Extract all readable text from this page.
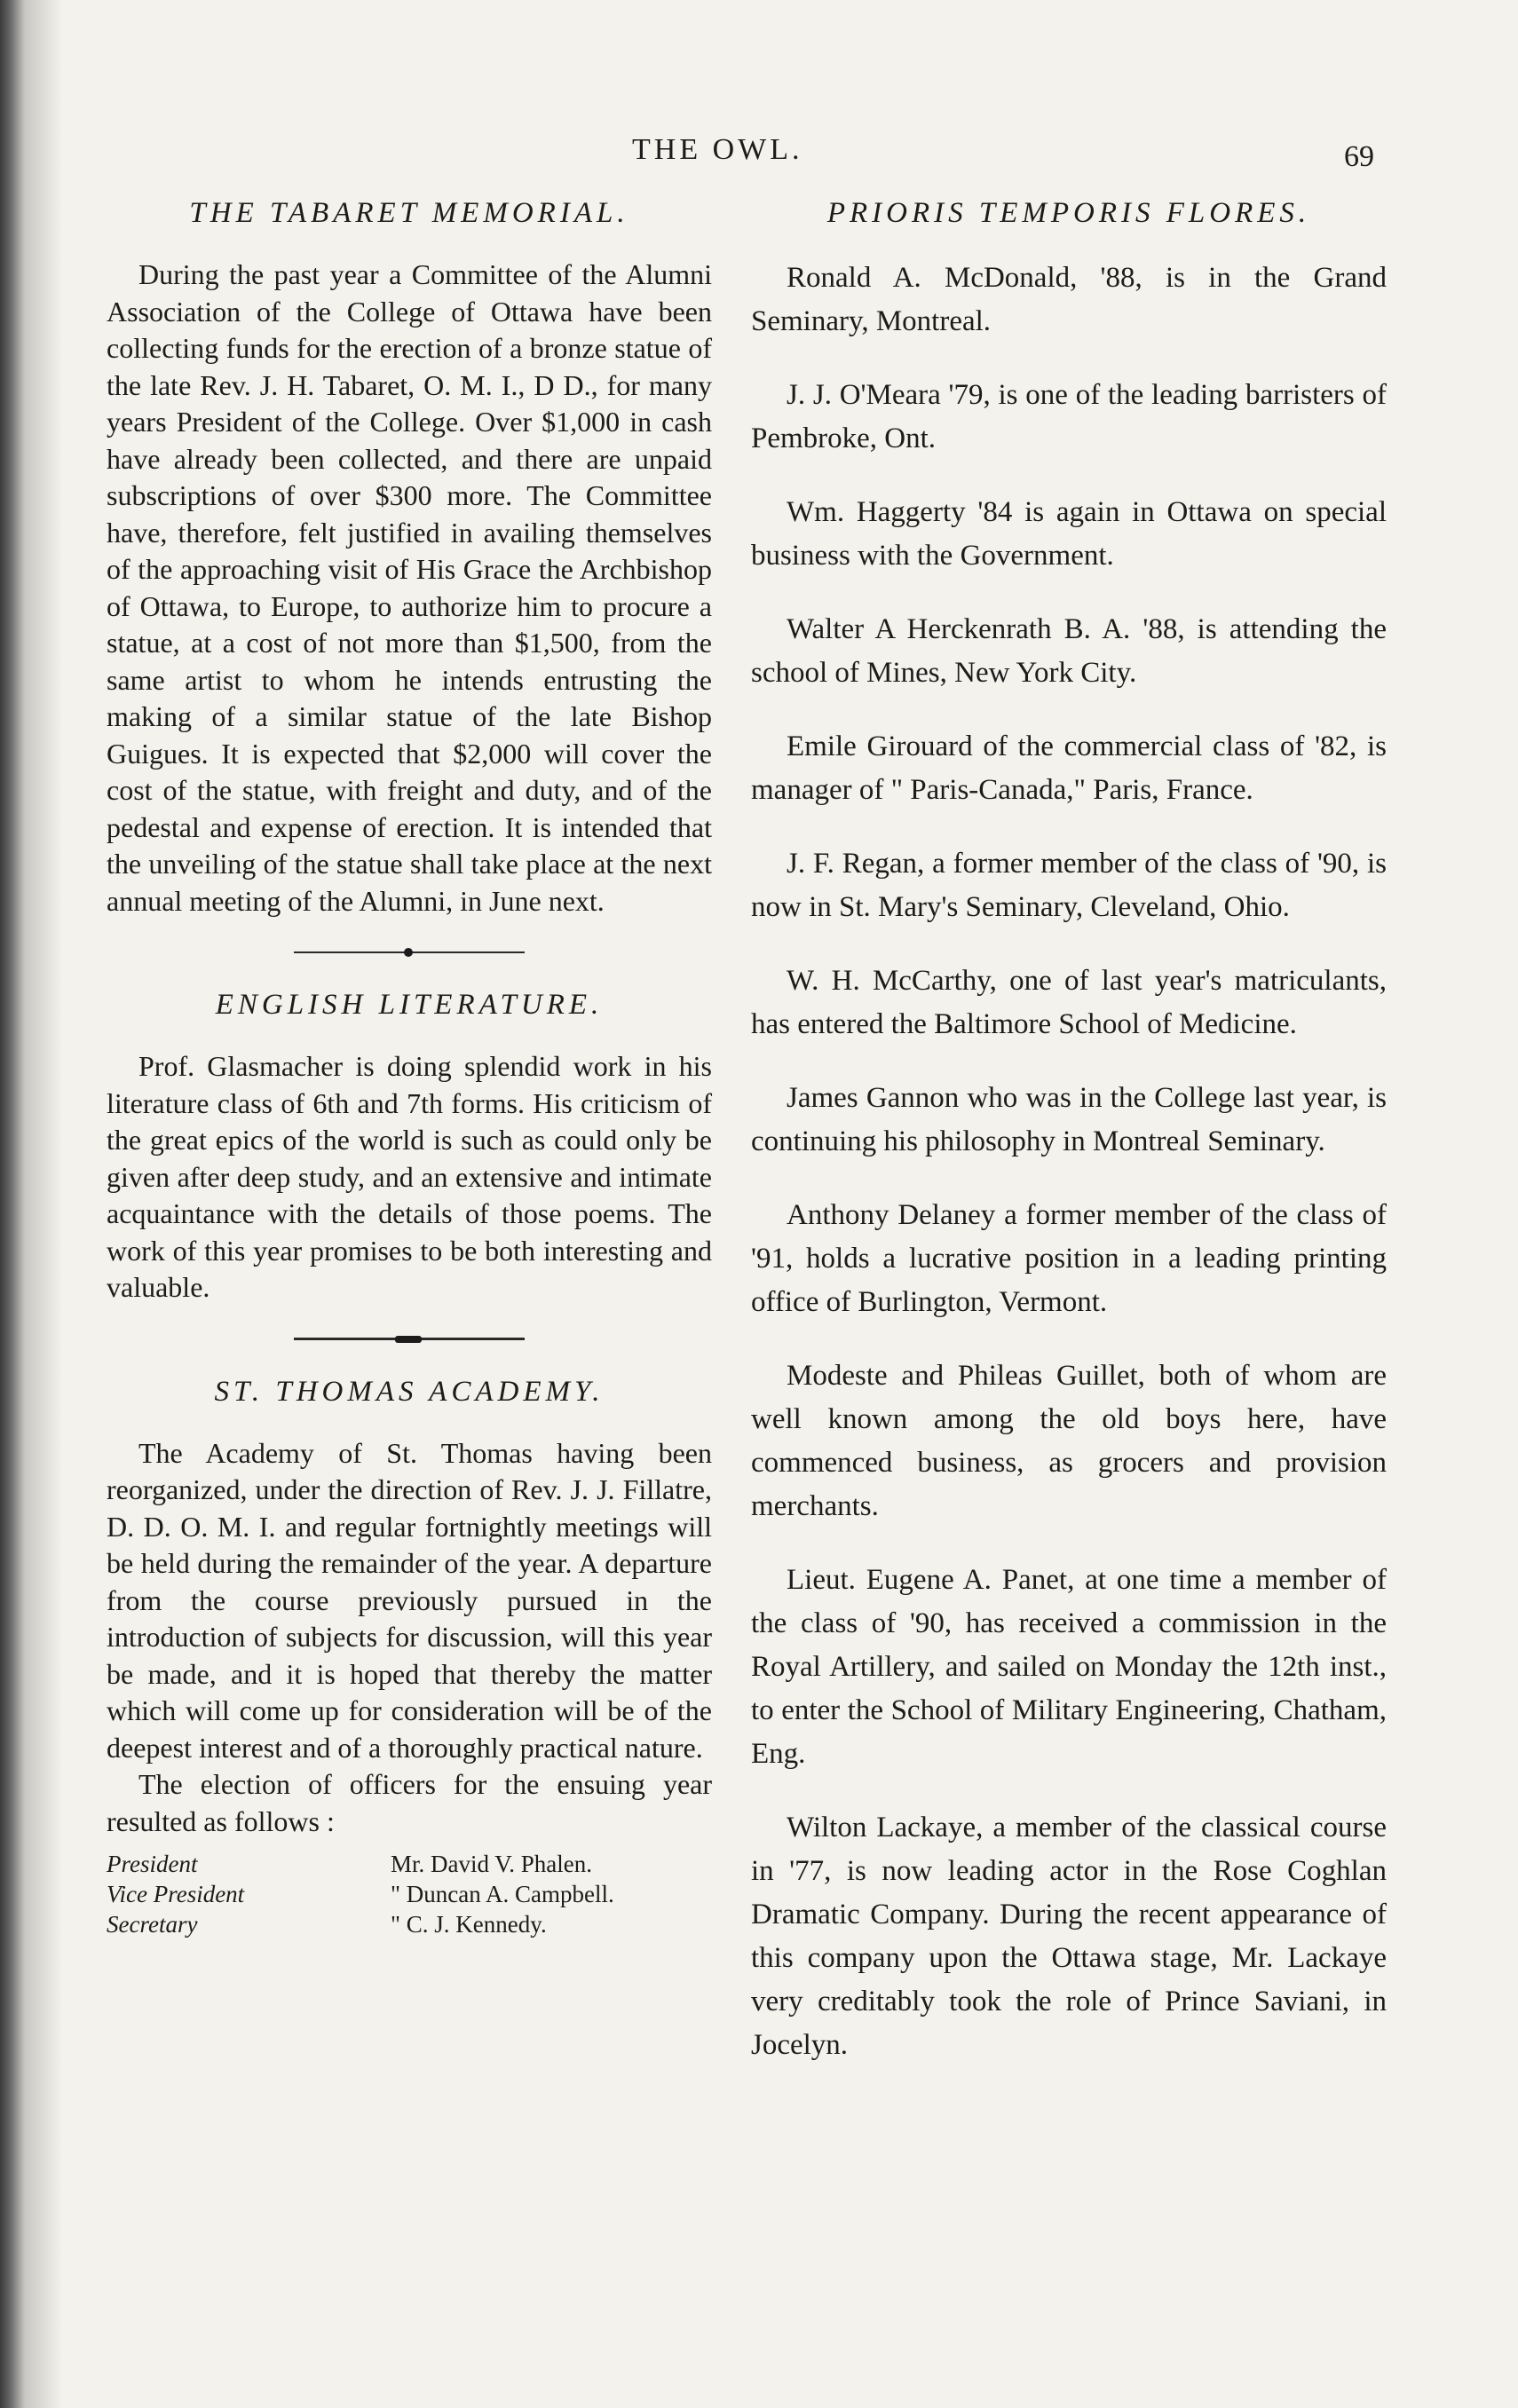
THE OWL.	69
THE TABARET MEMORIAL.

During the past year a Committee of the Alumni Association of the College of Ottawa have been collecting funds for the erection of a bronze statue of the late Rev. J. H. Tabaret, O. M. I., D D., for many years President of the College. Over $1,000 in cash have already been collected, and there are unpaid subscriptions of over $300 more. The Committee have, therefore, felt justified in availing themselves of the approaching visit of His Grace the Archbishop of Ottawa, to Europe, to authorize him to procure a statue, at a cost of not more than $1,500, from the same artist to whom he intends entrusting the making of a similar statue of the late Bishop Guigues. It is expected that $2,000 will cover the cost of the statue, with freight and duty, and of the pedestal and expense of erection. It is intended that the unveiling of the statue shall take place at the next annual meeting of the Alumni, in June next.

ENGLISH LITERATURE.

Prof. Glasmacher is doing splendid work in his literature class of 6th and 7th forms. His criticism of the great epics of the world is such as could only be given after deep study, and an extensive and intimate acquaintance with the details of those poems. The work of this year promises to be both interesting and valuable.

ST. THOMAS ACADEMY.

The Academy of St. Thomas having been reorganized, under the direction of Rev. J. J. Fillatre, D. D. O. M. I. and regular fortnightly meetings will be held during the remainder of the year. A departure from the course previously pursued in the introduction of subjects for discussion, will this year be made, and it is hoped that thereby the matter which will come up for consideration will be of the deepest interest and of a thoroughly practical nature.

The election of officers for the ensuing year resulted as follows :

President	Mr. David V. Phalen.
Vice President	" Duncan A. Campbell.
Secretary	" C. J. Kennedy.
PRIORIS TEMPORIS FLORES.

Ronald A. McDonald, '88, is in the Grand Seminary, Montreal.

J. J. O'Meara '79, is one of the leading barristers of Pembroke, Ont.

Wm. Haggerty '84 is again in Ottawa on special business with the Government.

Walter A Herckenrath B. A. '88, is attending the school of Mines, New York City.

Emile Girouard of the commercial class of '82, is manager of " Paris-Canada," Paris, France.

J. F. Regan, a former member of the class of '90, is now in St. Mary's Seminary, Cleveland, Ohio.

W. H. McCarthy, one of last year's matriculants, has entered the Baltimore School of Medicine.

James Gannon who was in the College last year, is continuing his philosophy in Montreal Seminary.

Anthony Delaney a former member of the class of '91, holds a lucrative position in a leading printing office of Burlington, Vermont.

Modeste and Phileas Guillet, both of whom are well known among the old boys here, have commenced business, as grocers and provision merchants.

Lieut. Eugene A. Panet, at one time a member of the class of '90, has received a commission in the Royal Artillery, and sailed on Monday the 12th inst., to enter the School of Military Engineering, Chatham, Eng.

Wilton Lackaye, a member of the classical course in '77, is now leading actor in the Rose Coghlan Dramatic Company. During the recent appearance of this company upon the Ottawa stage, Mr. Lackaye very creditably took the role of Prince Saviani, in Jocelyn.
